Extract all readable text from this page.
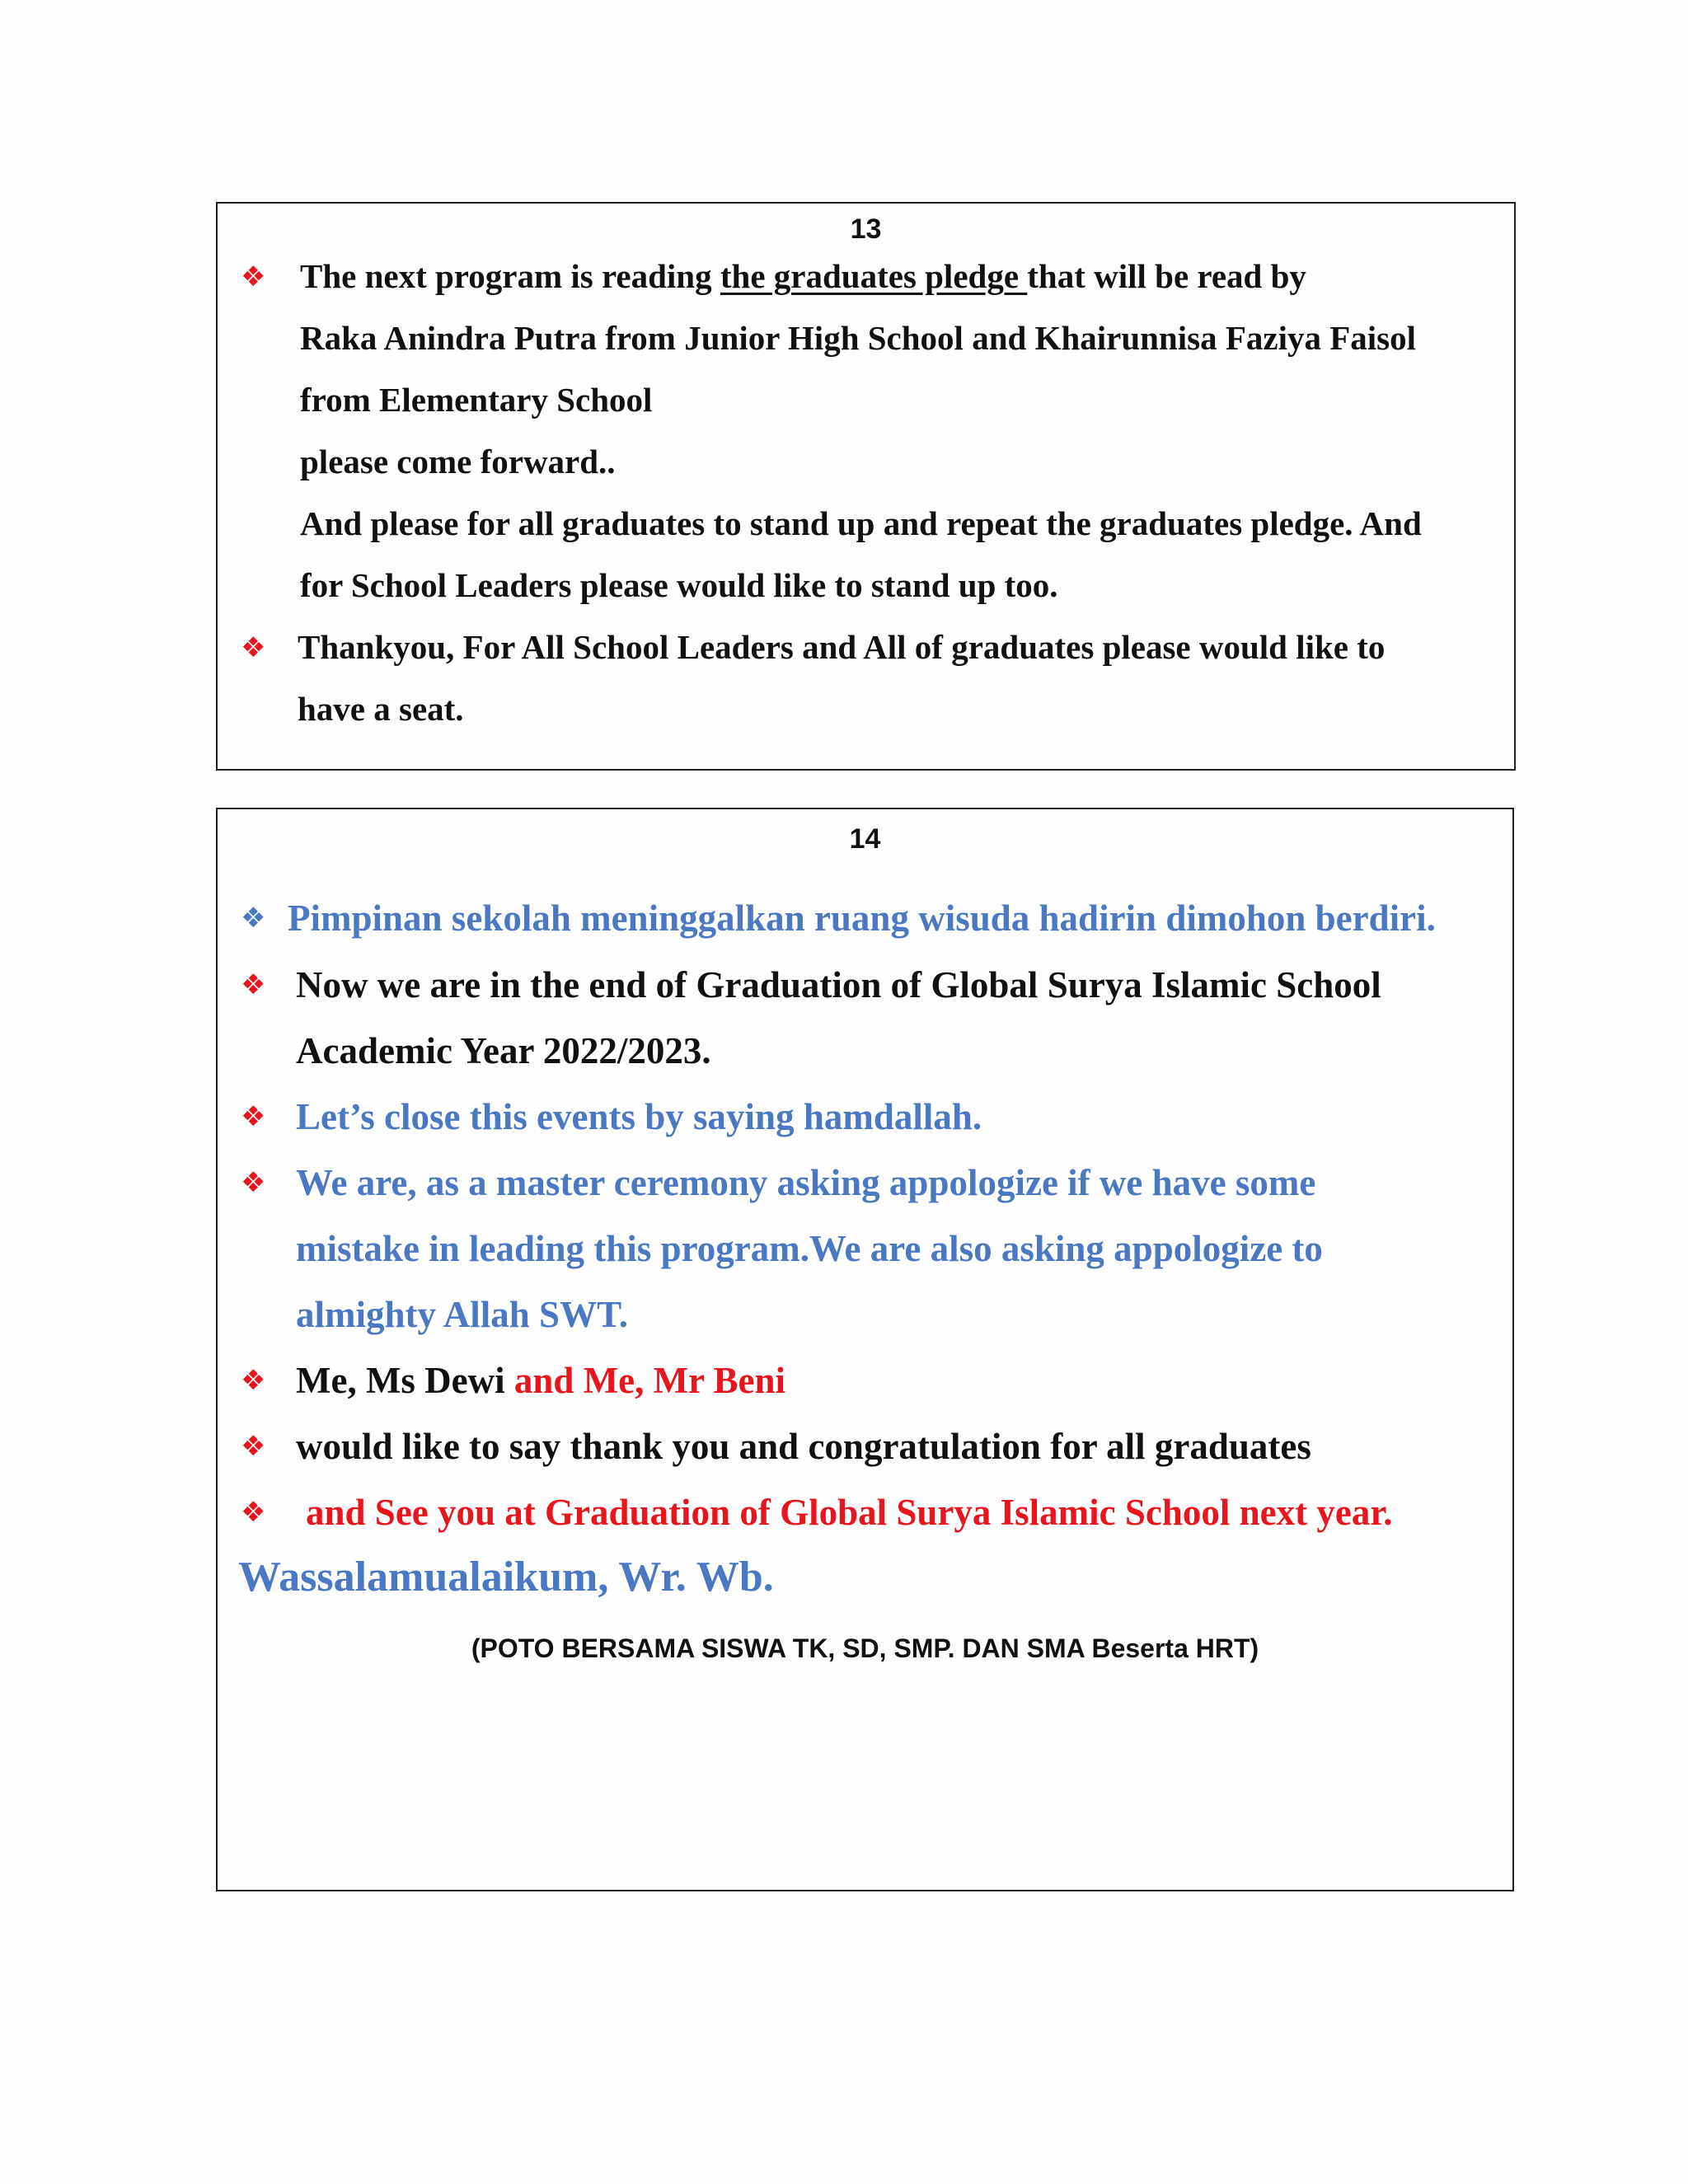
13
❖ The next program is reading the graduates pledge that will be read by
Raka Anindra Putra from Junior High School and Khairunnisa Faziya Faisol
from Elementary School
please come forward..
And please for all graduates to stand up and repeat the graduates pledge. And
for School Leaders please would like to stand up too.
❖ Thankyou, For All School Leaders and All of graduates please would like to
have a seat.
14
❖ Pimpinan sekolah meninggalkan ruang wisuda hadirin dimohon berdiri.
❖ Now we are in the end of Graduation of Global Surya Islamic School
Academic Year 2022/2023.
❖ Let’s close this events by saying hamdallah.
❖ We are, as a master ceremony asking appologize if we have some
mistake in leading this program.We are also asking appologize to
almighty Allah SWT.
❖ Me, Ms Dewi and Me, Mr Beni
❖ would like to say thank you and congratulation for all graduates
❖ and See you at Graduation of Global Surya Islamic School next year.
Wassalamualaikum, Wr. Wb.
(POTO BERSAMA SISWA TK, SD, SMP. DAN SMA Beserta HRT)
